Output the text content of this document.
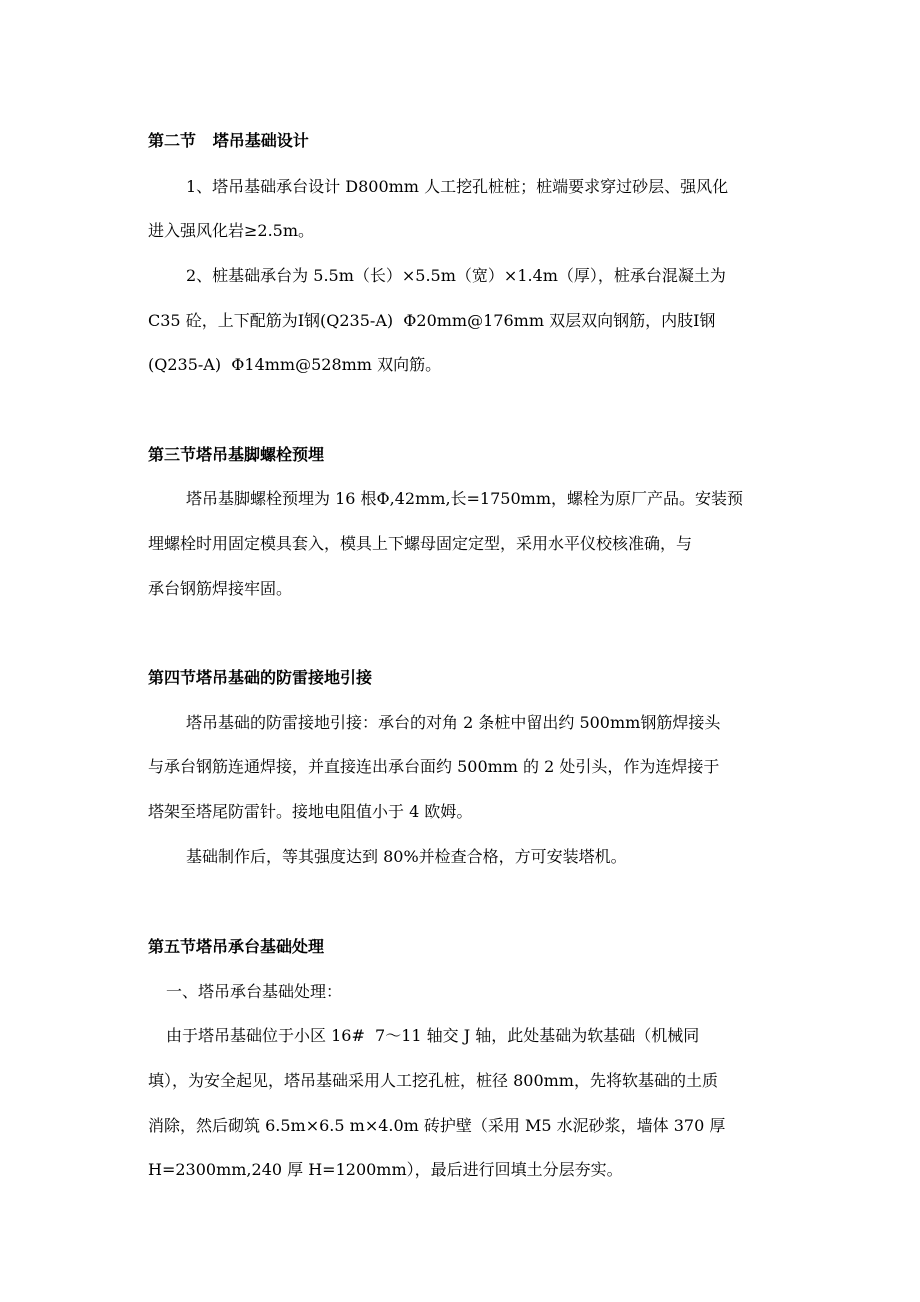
第二节   塔吊基础设计
1、塔吊基础承台设计 D800mm 人工挖孔桩桩；桩端要求穿过砂层、强风化
进入强风化岩≥2.5m。
2、桩基础承台为 5.5m（长）×5.5m（宽）×1.4m（厚），桩承台混凝土为
C35 砼，上下配筋为Ⅰ钢(Q235-A)  Φ20mm@176mm 双层双向钢筋，内肢Ⅰ钢
(Q235-A)  Φ14mm@528mm 双向筋。
第三节塔吊基脚螺栓预埋
塔吊基脚螺栓预埋为 16 根Φ,42mm,长=1750mm，螺栓为原厂产品。安装预
埋螺栓时用固定模具套入，模具上下螺母固定定型，采用水平仪校核准确，与
承台钢筋焊接牢固。
第四节塔吊基础的防雷接地引接
塔吊基础的防雷接地引接：承台的对角 2 条桩中留出约 500mm钢筋焊接头
与承台钢筋连通焊接，并直接连出承台面约 500mm 的 2 处引头，作为连焊接于
塔架至塔尾防雷针。接地电阻值小于 4 欧姆。
基础制作后，等其强度达到 80%并检查合格，方可安装塔机。
第五节塔吊承台基础处理
一、塔吊承台基础处理：
由于塔吊基础位于小区 16#  7～11 轴交 J 轴，此处基础为软基础（机械同
填），为安全起见，塔吊基础采用人工挖孔桩，桩径 800mm，先将软基础的土质
消除，然后砌筑 6.5m×6.5 m×4.0m 砖护壁（采用 M5 水泥砂浆，墙体 370 厚
H=2300mm,240 厚 H=1200mm），最后进行回填土分层夯实。
